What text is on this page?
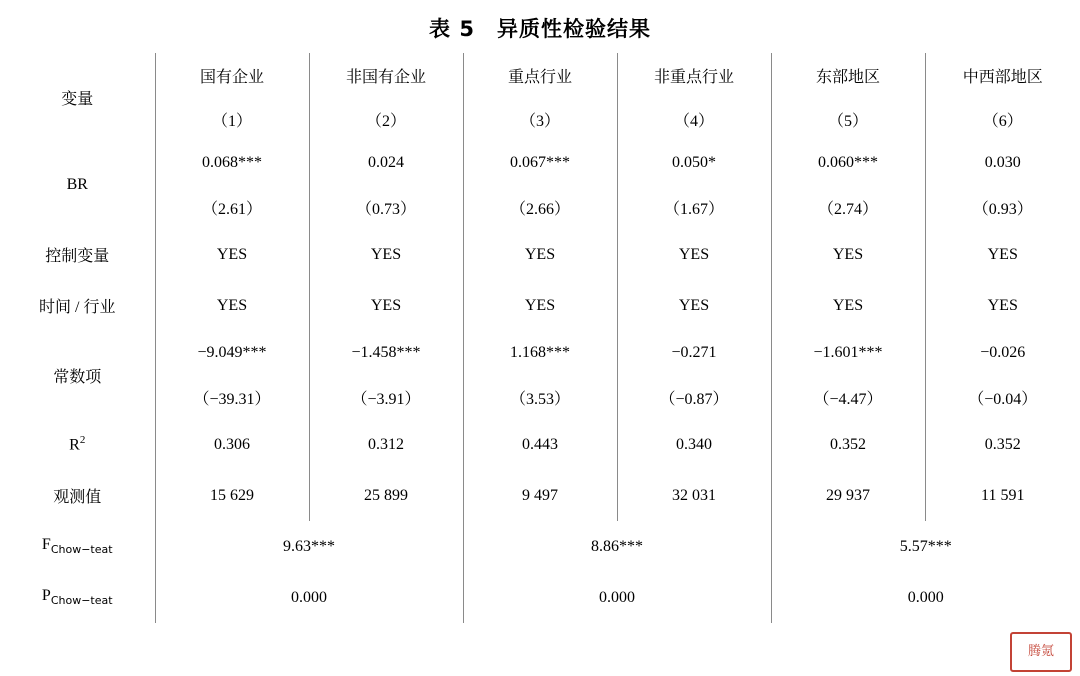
表 5　异质性检验结果
变量	国有企业	非国有企业	重点行业	非重点行业	东部地区	中西部地区
	（1）	（2）	（3）	（4）	（5）	（6）
BR	0.068***	0.024	0.067***	0.050*	0.060***	0.030
	（2.61）	（0.73）	（2.66）	（1.67）	（2.74）	（0.93）
控制变量	YES	YES	YES	YES	YES	YES
时间 / 行业	YES	YES	YES	YES	YES	YES
常数项	−9.049***	−1.458***	1.168***	−0.271	−1.601***	−0.026
	（−39.31）	（−3.91）	（3.53）	（−0.87）	（−4.47）	（−0.04）
$R^2$	0.306	0.312	0.443	0.340	0.352	0.352
观测值	15 629	25 899	9 497	32 031	29 937	11 591
$F_{Chow-teat}$	9.63***		8.86***		5.57***	
$P_{Chow-teat}$	0.000		0.000		0.000	
腾氪
